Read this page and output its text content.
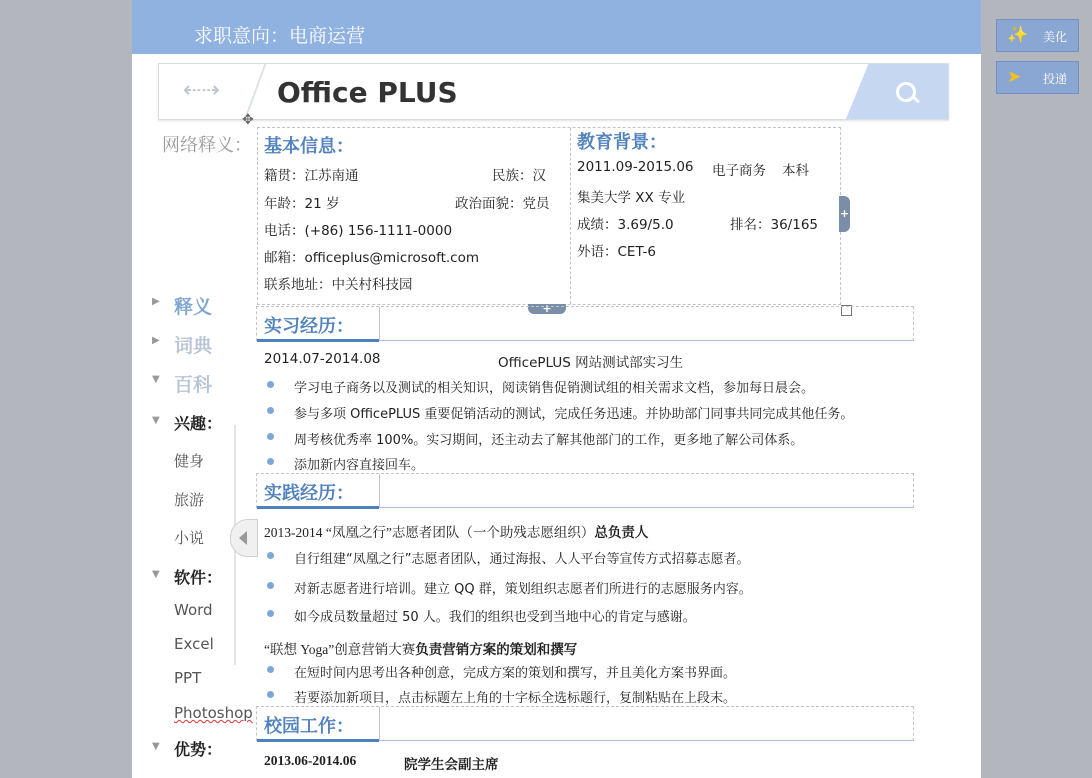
求职意向：电商运营
⇠⇢ Office PLUS
网络释义：
✥
▶ 释义
▶ 词典
▼ 百科
▼ 兴趣：
健身
旅游
小说
▼ 软件：
Word
Excel
PPT
Photoshop
▼ 优势：
基本信息：
籍贯：江苏南通	民族：汉
年龄：21 岁	政治面貌：党员
电话：(+86) 156-1111-0000
邮箱：officeplus@microsoft.com
联系地址：中关村科技园
教育背景：
2011.09-2015.06 电子商务 本科
集美大学 XX 专业
成绩：3.69/5.0	排名：36/165
外语：CET-6
+
+
实习经历：
2014.07-2014.08	OfficePLUS 网站测试部实习生
学习电子商务以及测试的相关知识，阅读销售促销测试组的相关需求文档，参加每日晨会。
参与多项 OfficePLUS 重要促销活动的测试，完成任务迅速。并协助部门同事共同完成其他任务。
周考核优秀率 100%。实习期间，还主动去了解其他部门的工作，更多地了解公司体系。
添加新内容直接回车。
实践经历：
2013-2014 “凤凰之行”志愿者团队（一个助残志愿组织）总负责人
自行组建“凤凰之行”志愿者团队，通过海报、人人平台等宣传方式招募志愿者。
对新志愿者进行培训。建立 QQ 群，策划组织志愿者们所进行的志愿服务内容。
如今成员数量超过 50 人。我们的组织也受到当地中心的肯定与感谢。
“联想 Yoga”创意营销大赛负责营销方案的策划和撰写
在短时间内思考出各种创意，完成方案的策划和撰写，并且美化方案书界面。
若要添加新项目，点击标题左上角的十字标全选标题行，复制粘贴在上段末。
校园工作：
2013.06-2014.06	院学生会副主席
✨ 美化
➤ 投递
